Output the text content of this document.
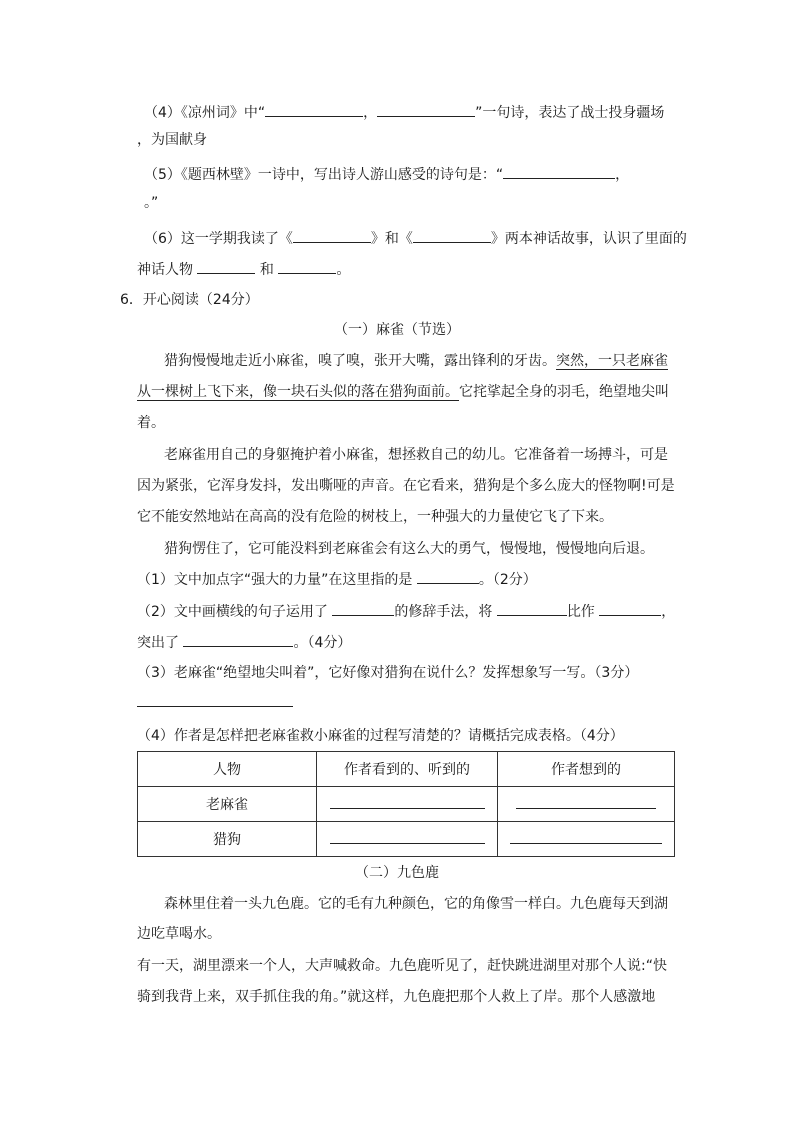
（4）《凉州词》中“	，	”一句诗，表达了战士投身疆场
，为国献身
（5）《题西林壁》一诗中，写出诗人游山感受的诗句是：“	，
。”
（6）这一学期我读了《	》和《	》两本神话故事，认识了里面的
神话人物	和	。
6．开心阅读（24分）
（一）麻雀（节选）
猎狗慢慢地走近小麻雀，嗅了嗅，张开大嘴，露出锋利的牙齿。突然，一只老麻雀
从一棵树上飞下来，像一块石头似的落在猎狗面前。它挓挲起全身的羽毛，绝望地尖叫
着。
老麻雀用自己的身躯掩护着小麻雀，想拯救自己的幼儿。它准备着一场搏斗，可是
因为紧张，它浑身发抖，发出嘶哑的声音。在它看来，猎狗是个多么庞大的怪物啊!可是
它不能安然地站在高高的没有危险的树枝上，一种强大的力量使它飞了下来。
猎狗愣住了，它可能没料到老麻雀会有这么大的勇气，慢慢地，慢慢地向后退。
（1）文中加点字“强大的力量”在这里指的是	。（2分）
（2）文中画横线的句子运用了	的修辞手法，将	比作	，
突出了	。（4分）
（3）老麻雀“绝望地尖叫着”，它好像对猎狗在说什么？发挥想象写一写。（3分）
（4）作者是怎样把老麻雀救小麻雀的过程写清楚的？请概括完成表格。（4分）
人物	作者看到的、听到的	作者想到的
老麻雀		
猎狗		
（二）九色鹿
森林里住着一头九色鹿。它的毛有九种颜色，它的角像雪一样白。九色鹿每天到湖
边吃草喝水。
有一天，湖里漂来一个人，大声喊救命。九色鹿听见了，赶快跳进湖里对那个人说:“快
骑到我背上来，双手抓住我的角。”就这样，九色鹿把那个人救上了岸。那个人感激地
